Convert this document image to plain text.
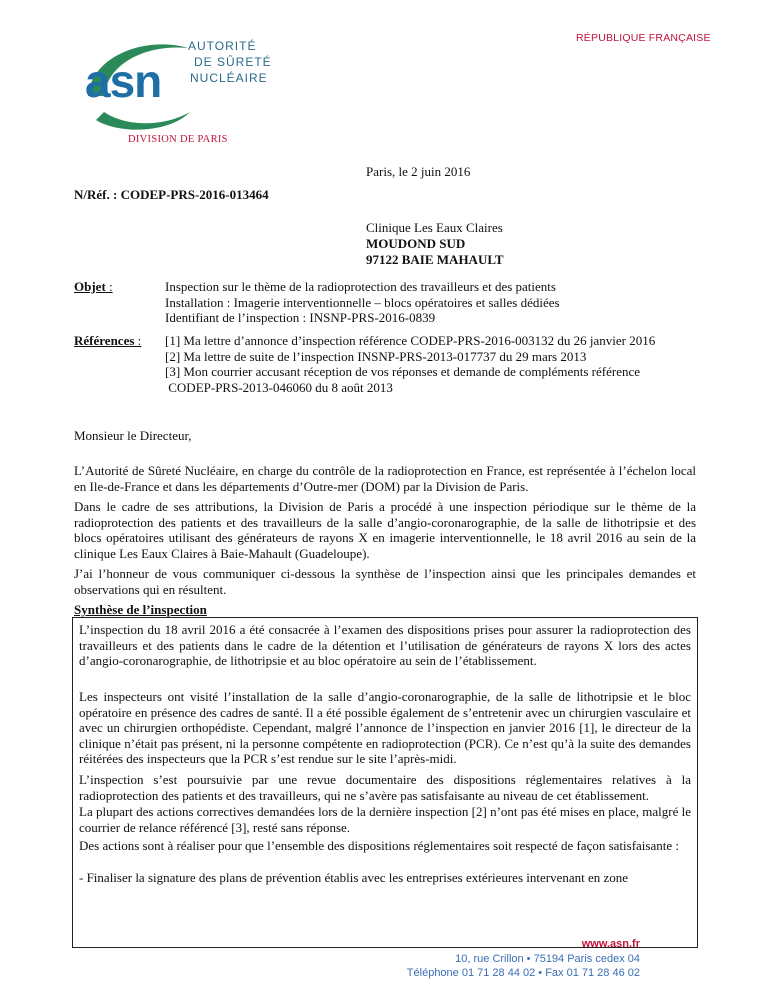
RÉPUBLIQUE FRANÇAISE
asn
AUTORITÉ
DE SÛRETÉ
NUCLÉAIRE
DIVISION DE PARIS
Paris, le 2 juin 2016
N/Réf. : CODEP-PRS-2016-013464
Clinique Les Eaux Claires
MOUDOND SUD
97122 BAIE MAHAULT
Objet :	Inspection sur le thème de la radioprotection des travailleurs et des patients
Installation : Imagerie interventionnelle – blocs opératoires et salles dédiées
Identifiant de l’inspection : INSNP-PRS-2016-0839
Références : [1] Ma lettre d’annonce d’inspection référence CODEP-PRS-2016-003132 du 26 janvier 2016
[2] Ma lettre de suite de l’inspection INSNP-PRS-2013-017737 du 29 mars 2013
[3] Mon courrier accusant réception de vos réponses et demande de compléments référence
CODEP-PRS-2013-046060 du 8 août 2013
Monsieur le Directeur,
L’Autorité de Sûreté Nucléaire, en charge du contrôle de la radioprotection en France, est représentée à l’échelon local en Ile-de-France et dans les départements d’Outre-mer (DOM) par la Division de Paris.
Dans le cadre de ses attributions, la Division de Paris a procédé à une inspection périodique sur le thème de la radioprotection des patients et des travailleurs de la salle d’angio-coronarographie, de la salle de lithotripsie et des blocs opératoires utilisant des générateurs de rayons X en imagerie interventionnelle, le 18 avril 2016 au sein de la clinique Les Eaux Claires à Baie-Mahault (Guadeloupe).
J’ai l’honneur de vous communiquer ci-dessous la synthèse de l’inspection ainsi que les principales demandes et observations qui en résultent.
Synthèse de l’inspection
L’inspection du 18 avril 2016 a été consacrée à l’examen des dispositions prises pour assurer la radioprotection des travailleurs et des patients dans le cadre de la détention et l’utilisation de générateurs de rayons X lors des actes d’angio-coronarographie, de lithotripsie et au bloc opératoire au sein de l’établissement.
Les inspecteurs ont visité l’installation de la salle d’angio-coronarographie, de la salle de lithotripsie et le bloc opératoire en présence des cadres de santé. Il a été possible également de s’entretenir avec un chirurgien vasculaire et avec un chirurgien orthopédiste. Cependant, malgré l’annonce de l’inspection en janvier 2016 [1], le directeur de la clinique n’était pas présent, ni la personne compétente en radioprotection (PCR). Ce n’est qu’à la suite des demandes réitérées des inspecteurs que la PCR s’est rendue sur le site l’après-midi.
L’inspection s’est poursuivie par une revue documentaire des dispositions réglementaires relatives à la radioprotection des patients et des travailleurs, qui ne s’avère pas satisfaisante au niveau de cet établissement.
La plupart des actions correctives demandées lors de la dernière inspection [2] n’ont pas été mises en place, malgré le courrier de relance référencé [3], resté sans réponse.
Des actions sont à réaliser pour que l’ensemble des dispositions réglementaires soit respecté de façon satisfaisante :
- Finaliser la signature des plans de prévention établis avec les entreprises extérieures intervenant en zone
www.asn.fr
10, rue Crillon • 75194 Paris cedex 04
Téléphone 01 71 28 44 02 • Fax 01 71 28 46 02
